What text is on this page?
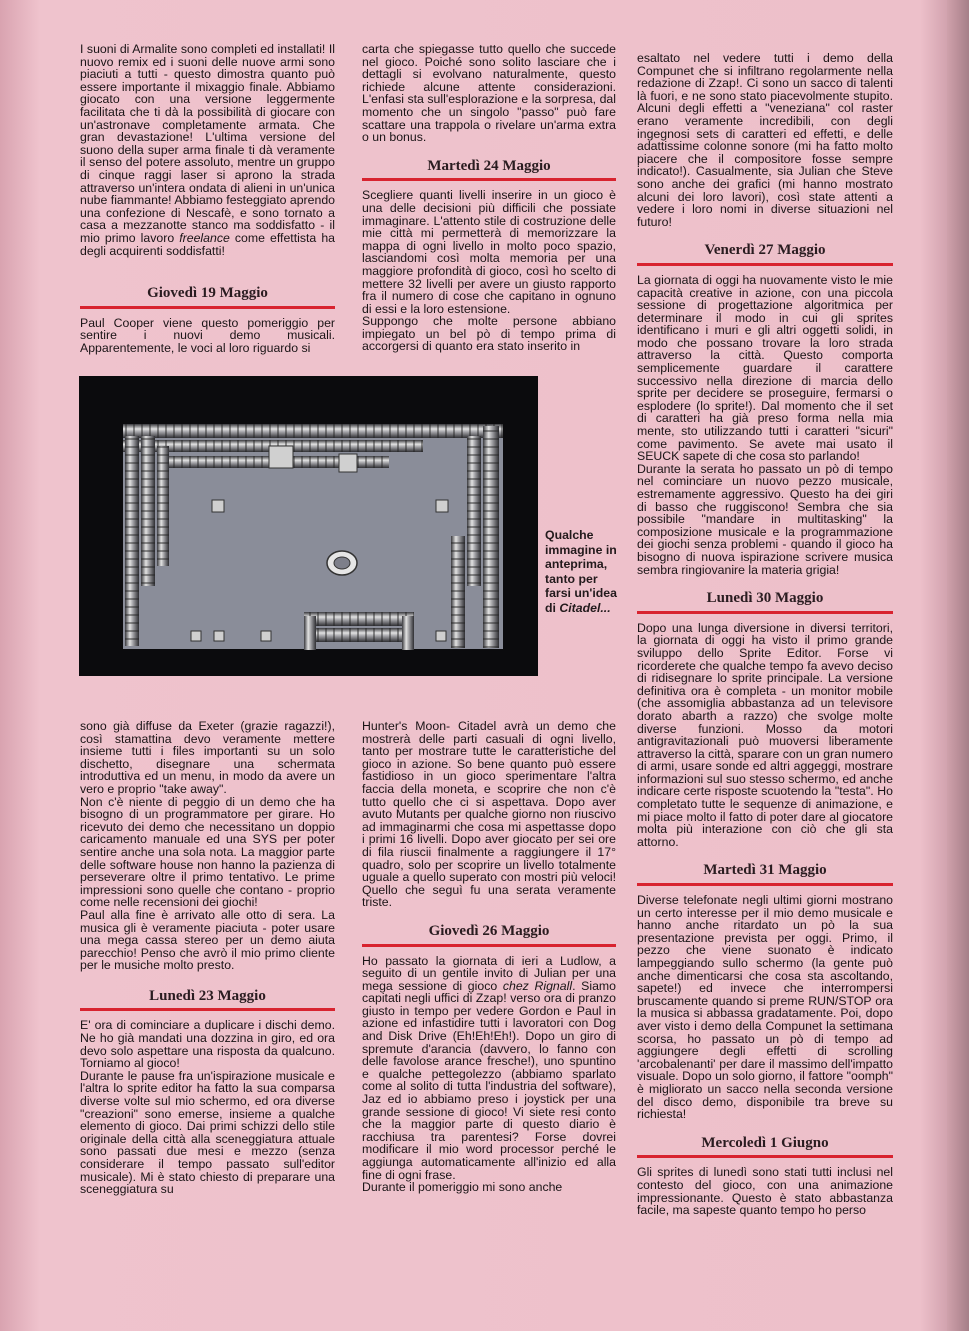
I suoni di Armalite sono completi ed installati! Il nuovo remix ed i suoni delle nuove armi sono piaciuti a tutti - questo dimostra quanto può essere importante il mixaggio finale. Abbiamo giocato con una versione leggermente facilitata che ti dà la possibilità di giocare con un'astronave completamente armata. Che gran devastazione! L'ultima versione del suono della super arma finale ti dà veramente il senso del potere assoluto, mentre un gruppo di cinque raggi laser si aprono la strada attraverso un'intera ondata di alieni in un'unica nube fiammante! Abbiamo festeggiato aprendo una confezione di Nescafè, e sono tornato a casa a mezzanotte stanco ma soddisfatto - il mio primo lavoro freelance come effettista ha degli acquirenti soddisfatti!

Giovedì 19 Maggio

Paul Cooper viene questo pomeriggio per sentire i nuovi demo musicali. Apparentemente, le voci al loro riguardo si

sono già diffuse da Exeter (grazie ragazzi!), così stamattina devo veramente mettere insieme tutti i files importanti su un solo dischetto, disegnare una schermata introduttiva ed un menu, in modo da avere un vero e proprio "take away".

Non c'è niente di peggio di un demo che ha bisogno di un programmatore per girare. Ho ricevuto dei demo che necessitano un doppio caricamento manuale ed una SYS per poter sentire anche una sola nota. La maggior parte delle software house non hanno la pazienza di perseverare oltre il primo tentativo. Le prime impressioni sono quelle che contano - proprio come nelle recensioni dei giochi!

Paul alla fine è arrivato alle otto di sera. La musica gli è veramente piaciuta - poter usare una mega cassa stereo per un demo aiuta parecchio! Penso che avrò il mio primo cliente per le musiche molto presto.

Lunedì 23 Maggio

E' ora di cominciare a duplicare i dischi demo. Ne ho già mandati una dozzina in giro, ed ora devo solo aspettare una risposta da qualcuno. Torniamo al gioco!

Durante le pause fra un'ispirazione musicale e l'altra lo sprite editor ha fatto la sua comparsa diverse volte sul mio schermo, ed ora diverse "creazioni" sono emerse, insieme a qualche elemento di gioco. Dai primi schizzi dello stile originale della città alla sceneggiatura attuale sono passati due mesi e mezzo (senza considerare il tempo passato sull'editor musicale). Mi è stato chiesto di preparare una sceneggiatura su

carta che spiegasse tutto quello che succede nel gioco. Poiché sono solito lasciare che i dettagli si evolvano naturalmente, questo richiede alcune attente considerazioni. L'enfasi sta sull'esplorazione e la sorpresa, dal momento che un singolo "passo" può fare scattare una trappola o rivelare un'arma extra o un bonus.

Martedì 24 Maggio

Scegliere quanti livelli inserire in un gioco è una delle decisioni più difficili che possiate immaginare. L'attento stile di costruzione delle mie città mi permetterà di memorizzare la mappa di ogni livello in molto poco spazio, lasciandomi così molta memoria per una maggiore profondità di gioco, così ho scelto di mettere 32 livelli per avere un giusto rapporto fra il numero di cose che capitano in ognuno di essi e la loro estensione.

Suppongo che molte persone abbiano impiegato un bel pò di tempo prima di accorgersi di quanto era stato inserito in

Hunter's Moon- Citadel avrà un demo che mostrerà delle parti casuali di ogni livello, tanto per mostrare tutte le caratteristiche del gioco in azione. So bene quanto può essere fastidioso in un gioco sperimentare l'altra faccia della moneta, e scoprire che non c'è tutto quello che ci si aspettava. Dopo aver avuto Mutants per qualche giorno non riuscivo ad immaginarmi che cosa mi aspettasse dopo i primi 16 livelli. Dopo aver giocato per sei ore di fila riuscii finalmente a raggiungere il 17° quadro, solo per scoprire un livello totalmente uguale a quello superato con mostri più veloci! Quello che seguì fu una serata veramente triste.

Giovedì 26 Maggio

Ho passato la giornata di ieri a Ludlow, a seguito di un gentile invito di Julian per una mega sessione di gioco chez Rignall. Siamo capitati negli uffici di Zzap! verso ora di pranzo giusto in tempo per vedere Gordon e Paul in azione ed infastidire tutti i lavoratori con Dog and Disk Drive (Eh!Eh!Eh!). Dopo un giro di spremute d'arancia (davvero, lo fanno con delle favolose arance fresche!), uno spuntino e qualche pettegolezzo (abbiamo sparlato come al solito di tutta l'industria del software), Jaz ed io abbiamo preso i joystick per una grande sessione di gioco! Vi siete resi conto che la maggior parte di questo diario è racchiusa tra parentesi? Forse dovrei modificare il mio word processor perché le aggiunga automaticamente all'inizio ed alla fine di ogni frase.

Durante il pomeriggio mi sono anche

esaltato nel vedere tutti i demo della Compunet che si infiltrano regolarmente nella redazione di Zzap!. Ci sono un sacco di talenti là fuori, e ne sono stato piacevolmente stupito. Alcuni degli effetti a "veneziana" col raster erano veramente incredibili, con degli ingegnosi sets di caratteri ed effetti, e delle adattissime colonne sonore (mi ha fatto molto piacere che il compositore fosse sempre indicato!). Casualmente, sia Julian che Steve sono anche dei grafici (mi hanno mostrato alcuni dei loro lavori), così state attenti a vedere i loro nomi in diverse situazioni nel futuro!

Venerdì 27 Maggio

La giornata di oggi ha nuovamente visto le mie capacità creative in azione, con una piccola sessione di progettazione algoritmica per determinare il modo in cui gli sprites identificano i muri e gli altri oggetti solidi, in modo che possano trovare la loro strada attraverso la città. Questo comporta semplicemente guardare il carattere successivo nella direzione di marcia dello sprite per decidere se proseguire, fermarsi o esplodere (lo sprite!). Dal momento che il set di caratteri ha già preso forma nella mia mente, sto utilizzando tutti i caratteri "sicuri" come pavimento. Se avete mai usato il SEUCK sapete di che cosa sto parlando!

Durante la serata ho passato un pò di tempo nel cominciare un nuovo pezzo musicale, estremamente aggressivo. Questo ha dei giri di basso che ruggiscono! Sembra che sia possibile "mandare in multitasking" la composizione musicale e la programmazione dei giochi senza problemi - quando il gioco ha bisogno di nuova ispirazione scrivere musica sembra ringiovanire la materia grigia!

Lunedì 30 Maggio

Dopo una lunga diversione in diversi territori, la giornata di oggi ha visto il primo grande sviluppo dello Sprite Editor. Forse vi ricorderete che qualche tempo fa avevo deciso di ridisegnare lo sprite principale. La versione definitiva ora è completa - un monitor mobile (che assomiglia abbastanza ad un televisore dorato abarth a razzo) che svolge molte diverse funzioni. Mosso da motori antigravitazionali può muoversi liberamente attraverso la città, sparare con un gran numero di armi, usare sonde ed altri aggeggi, mostrare informazioni sul suo stesso schermo, ed anche indicare certe risposte scuotendo la "testa". Ho completato tutte le sequenze di animazione, e mi piace molto il fatto di poter dare al giocatore molta più interazione con ciò che gli sta attorno.

Martedì 31 Maggio

Diverse telefonate negli ultimi giorni mostrano un certo interesse per il mio demo musicale e hanno anche ritardato un pò la sua presentazione prevista per oggi. Primo, il pezzo che viene suonato è indicato lampeggiando sullo schermo (la gente può anche dimenticarsi che cosa sta ascoltando, sapete!) ed invece che interrompersi bruscamente quando si preme RUN/STOP ora la musica si abbassa gradatamente. Poi, dopo aver visto i demo della Compunet la settimana scorsa, ho passato un pò di tempo ad aggiungere degli effetti di scrolling 'arcobalenanti' per dare il massimo dell'impatto visuale. Dopo un solo giorno, il fattore "oomph" è migliorato un sacco nella seconda versione del disco demo, disponibile tra breve su richiesta!

Mercoledì 1 Giugno

Gli sprites di lunedì sono stati tutti inclusi nel contesto del gioco, con una animazione impressionante. Questo è stato abbastanza facile, ma sapeste quanto tempo ho perso

Qualche immagine in anteprima, tanto per farsi un'idea di Citadel...
